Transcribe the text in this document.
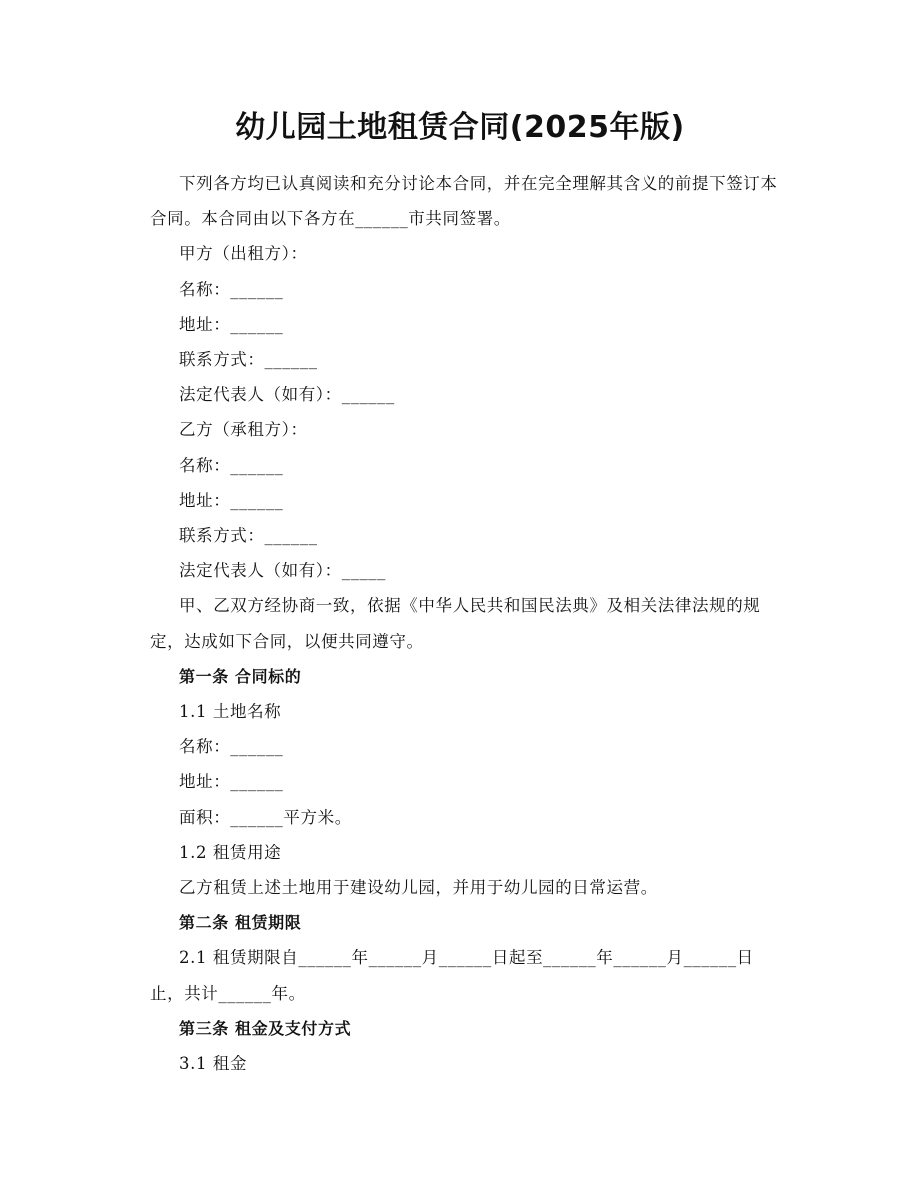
幼儿园土地租赁合同(2025年版)

下列各方均已认真阅读和充分讨论本合同，并在完全理解其含义的前提下签订本合同。本合同由以下各方在______市共同签署。

甲方（出租方）：

名称：______

地址：______

联系方式：______

法定代表人（如有）：______

乙方（承租方）：

名称：______

地址：______

联系方式：______

法定代表人（如有）：_____

甲、乙双方经协商一致，依据《中华人民共和国民法典》及相关法律法规的规定，达成如下合同，以便共同遵守。

第一条 合同标的

1.1 土地名称

名称：______

地址：______

面积：______平方米。

1.2 租赁用途

乙方租赁上述土地用于建设幼儿园，并用于幼儿园的日常运营。

第二条 租赁期限

2.1 租赁期限自______年______月______日起至______年______月______日止，共计______年。

第三条 租金及支付方式

3.1 租金
